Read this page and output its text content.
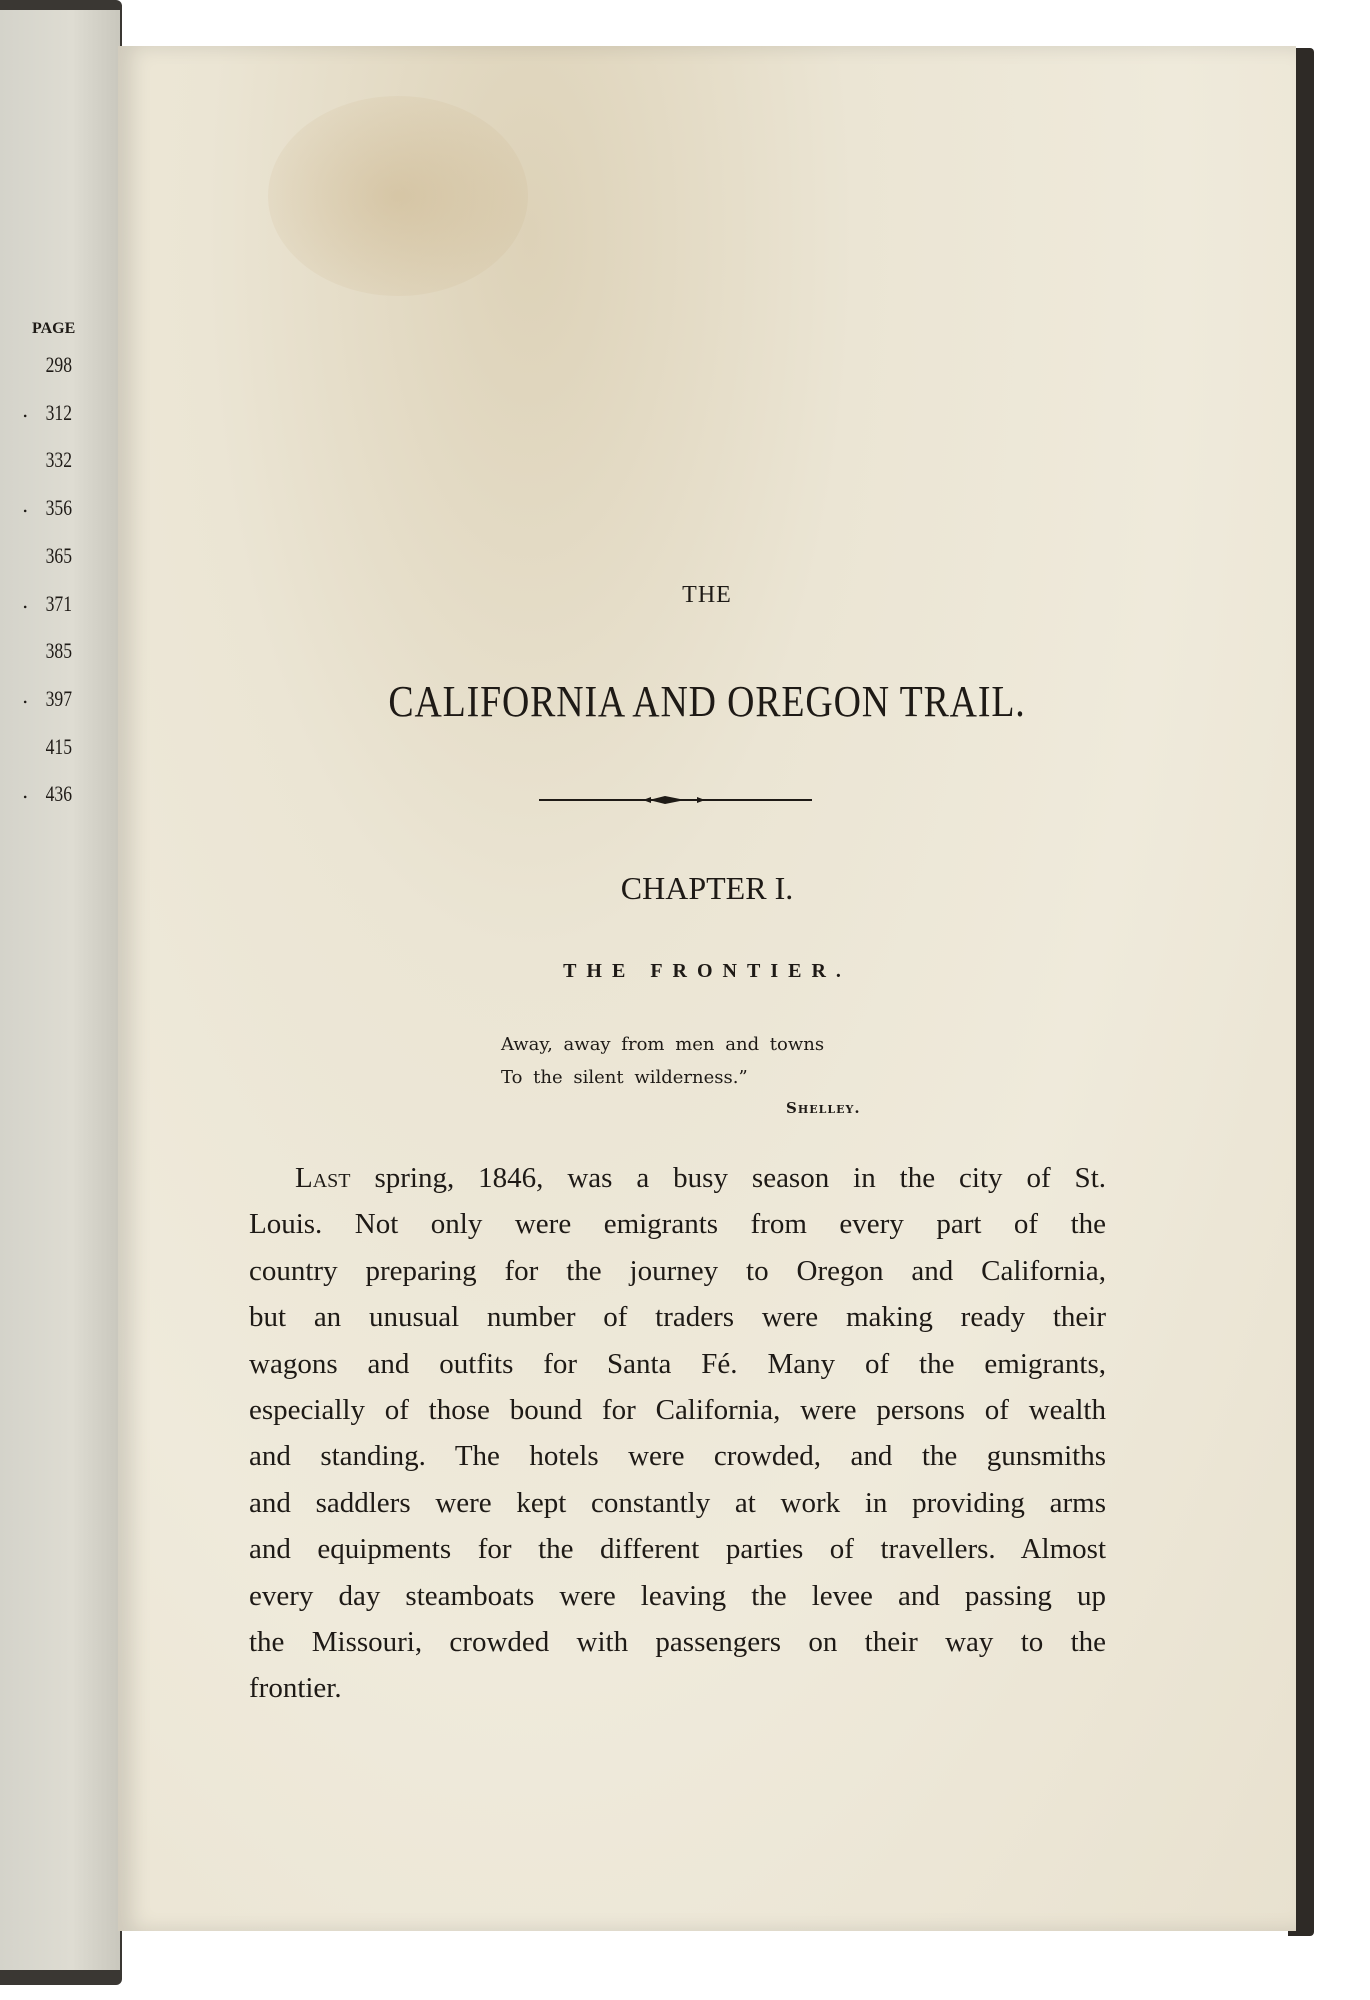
PAGE
298
312
.
332
356
.
365
371
.
385
397
.
415
436
.
THE
CALIFORNIA AND OREGON TRAIL.
CHAPTER I.
THE FRONTIER.
Away, away from men and towns
To the silent wilderness.”
Shelley.
Last spring, 1846, was a busy season in the city of St.
Louis. Not only were emigrants from every part of the
country preparing for the journey to Oregon and California,
but an unusual number of traders were making ready their
wagons and outfits for Santa Fé. Many of the emigrants,
especially of those bound for California, were persons of wealth
and standing. The hotels were crowded, and the gunsmiths
and saddlers were kept constantly at work in providing arms
and equipments for the different parties of travellers. Almost
every day steamboats were leaving the levee and passing up
the Missouri, crowded with passengers on their way to the
frontier.
